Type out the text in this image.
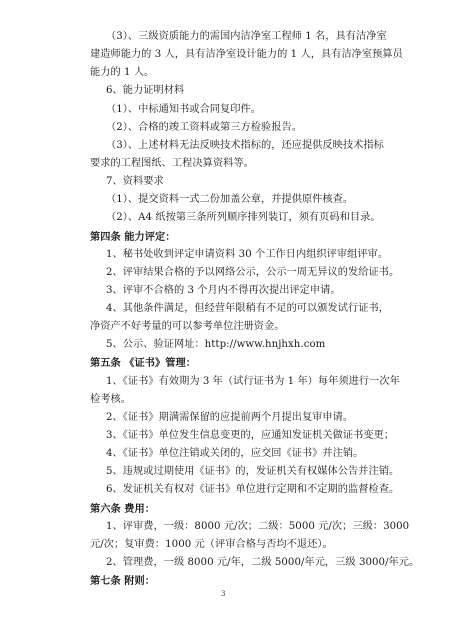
（3）、三级资质能力的需国内洁净室工程师 1 名，具有洁净室
建造师能力的 3 人，具有洁净室设计能力的 1 人，具有洁净室预算员
能力的 1 人。
6、能力证明材料
（1）、中标通知书或合同复印件。
（2）、合格的竣工资料或第三方检验报告。
（3）、上述材料无法反映技术指标的，还应提供反映技术指标
要求的工程图纸、工程决算资料等。
7、资料要求
（1）、提交资料一式二份加盖公章，并提供原件核查。
（2）、A4 纸按第三条所列顺序排列装订，须有页码和目录。
第四条 能力评定：
1、秘书处收到评定申请资料 30 个工作日内组织评审组评审。
2、评审结果合格的予以网络公示，公示一周无异议的发给证书。
3、评审不合格的 3 个月内不得再次提出评定申请。
4、其他条件满足，但经营年限稍有不足的可以颁发试行证书，
净资产不好考量的可以参考单位注册资金。
5、公示、验证网址：http://www.hnjhxh.com
第五条 《证书》管理：
1、《证书》有效期为 3 年（试行证书为 1 年）每年须进行一次年
检考核。
2、《证书》期满需保留的应提前两个月提出复审申请。
3、《证书》单位发生信息变更的，应通知发证机关做证书变更；
4、《证书》单位注销或关闭的，应交回《证书》并注销。
5、违规或过期使用《证书》的，发证机关有权媒体公告并注销。
6、发证机关有权对《证书》单位进行定期和不定期的监督检查。
第六条 费用：
1、评审费，一级：8000 元/次；二级：5000 元/次；三级：3000
元/次；复审费：1000 元（评审合格与否均不退还）。
2、管理费，一级 8000 元/年，二级 5000/年元，三级 3000/年元。
第七条 附则：
3
